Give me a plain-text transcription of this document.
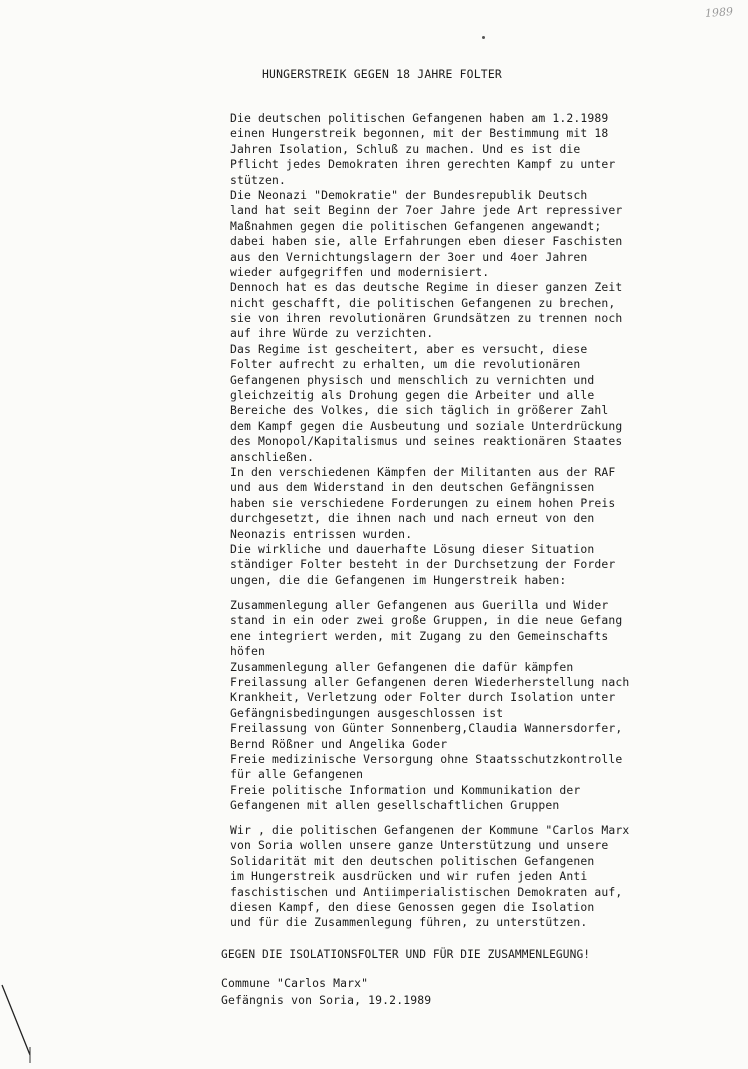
1989
HUNGERSTREIK GEGEN 18 JAHRE FOLTER
Die deutschen politischen Gefangenen haben am 1.2.1989
einen Hungerstreik begonnen, mit der Bestimmung mit 18
Jahren Isolation, Schluß zu machen. Und es ist die
Pflicht jedes Demokraten ihren gerechten Kampf zu unter
stützen.
Die Neonazi "Demokratie" der Bundesrepublik Deutsch
land hat seit Beginn der 7oer Jahre jede Art repressiver
Maßnahmen gegen die politischen Gefangenen angewandt;
dabei haben sie, alle Erfahrungen eben dieser Faschisten
aus den Vernichtungslagern der 3oer und 4oer Jahren
wieder aufgegriffen und modernisiert.
Dennoch hat es das deutsche Regime in dieser ganzen Zeit
nicht geschafft, die politischen Gefangenen zu brechen,
sie von ihren revolutionären Grundsätzen zu trennen noch
auf ihre Würde zu verzichten.
Das Regime ist gescheitert, aber es versucht, diese
Folter aufrecht zu erhalten, um die revolutionären
Gefangenen physisch und menschlich zu vernichten und
gleichzeitig als Drohung gegen die Arbeiter und alle
Bereiche des Volkes, die sich täglich in größerer Zahl
dem Kampf gegen die Ausbeutung und soziale Unterdrückung
des Monopol/Kapitalismus und seines reaktionären Staates
anschließen.
In den verschiedenen Kämpfen der Militanten aus der RAF
und aus dem Widerstand in den deutschen Gefängnissen
haben sie verschiedene Forderungen zu einem hohen Preis
durchgesetzt, die ihnen nach und nach erneut von den
Neonazis entrissen wurden.
Die wirkliche und dauerhafte Lösung dieser Situation
ständiger Folter besteht in der Durchsetzung der Forder
ungen, die die Gefangenen im Hungerstreik haben:
Zusammenlegung aller Gefangenen aus Guerilla und Wider
stand in ein oder zwei große Gruppen, in die neue Gefang
ene integriert werden, mit Zugang zu den Gemeinschafts
höfen
Zusammenlegung aller Gefangenen die dafür kämpfen
Freilassung aller Gefangenen deren Wiederherstellung nach
Krankheit, Verletzung oder Folter durch Isolation unter
Gefängnisbedingungen ausgeschlossen ist
Freilassung von Günter Sonnenberg,Claudia Wannersdorfer,
Bernd Rößner und Angelika Goder
Freie medizinische Versorgung ohne Staatsschutzkontrolle
für alle Gefangenen
Freie politische Information und Kommunikation der
Gefangenen mit allen gesellschaftlichen Gruppen
Wir , die politischen Gefangenen der Kommune "Carlos Marx
von Soria wollen unsere ganze Unterstützung und unsere
Solidarität mit den deutschen politischen Gefangenen
im Hungerstreik ausdrücken und wir rufen jeden Anti
faschistischen und Antiimperialistischen Demokraten auf,
diesen Kampf, den diese Genossen gegen die Isolation
und für die Zusammenlegung führen, zu unterstützen.
GEGEN DIE ISOLATIONSFOLTER UND FÜR DIE ZUSAMMENLEGUNG!
Commune "Carlos Marx"
Gefängnis von Soria, 19.2.1989
